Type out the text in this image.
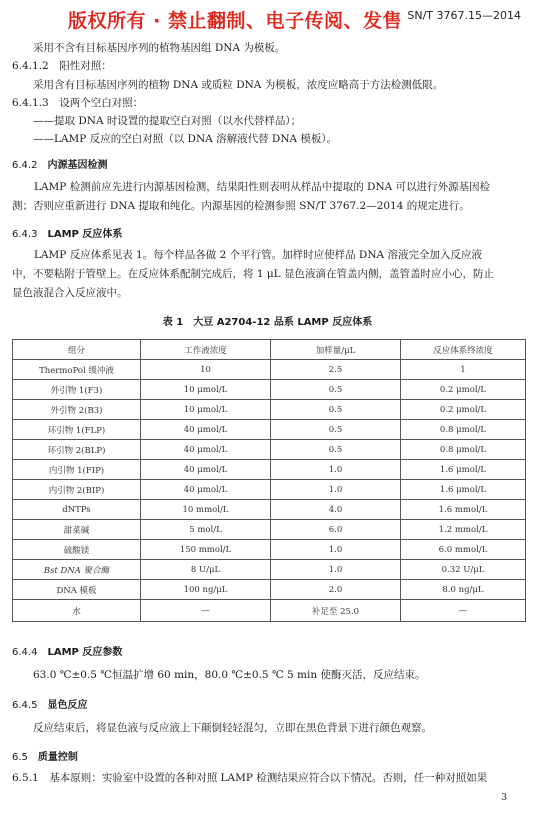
版权所有 · 禁止翻制、电子传阅、发售 SN/T 3767.15—2014
采用不含有目标基因序列的植物基因组 DNA 为模板。
6.4.1.2　阳性对照：
采用含有目标基因序列的植物 DNA 或质粒 DNA 为模板，浓度应略高于方法检测低限。
6.4.1.3　设两个空白对照：
——提取 DNA 时设置的提取空白对照（以水代替样品）；
——LAMP 反应的空白对照（以 DNA 溶解液代替 DNA 模板）。
6.4.2 内源基因检测
LAMP 检测前应先进行内源基因检测，结果阳性则表明从样品中提取的 DNA 可以进行外源基因检测；否则应重新进行 DNA 提取和纯化。内源基因的检测参照 SN/T 3767.2—2014 的规定进行。
6.4.3 LAMP 反应体系
LAMP 反应体系见表 1。每个样品各做 2 个平行管。加样时应使样品 DNA 溶液完全加入反应液中，不要粘附于管壁上。在反应体系配制完成后，将 1 μL 显色液滴在管盖内侧，盖管盖时应小心，防止显色液混合入反应液中。
表 1　大豆 A2704-12 品系 LAMP 反应体系
组分	工作液浓度	加样量/μL	反应体系终浓度
ThermoPol 缓冲液	10	2.5	1
外引物 1(F3)	10 μmol/L	0.5	0.2 μmol/L
外引物 2(B3)	10 μmol/L	0.5	0.2 μmol/L
环引物 1(FLP)	40 μmol/L	0.5	0.8 μmol/L
环引物 2(BLP)	40 μmol/L	0.5	0.8 μmol/L
内引物 1(FIP)	40 μmol/L	1.0	1.6 μmol/L
内引物 2(BIP)	40 μmol/L	1.0	1.6 μmol/L
dNTPs	10 mmol/L	4.0	1.6 mmol/L
甜菜碱	5 mol/L	6.0	1.2 mmol/L
硫酸镁	150 mmol/L	1.0	6.0 mmol/L
Bst DNA 聚合酶	8 U/μL	1.0	0.32 U/μL
DNA 模板	100 ng/μL	2.0	8.0 ng/μL
水	—	补足至 25.0	—
6.4.4 LAMP 反应参数
63.0 ℃±0.5 ℃恒温扩增 60 min，80.0 ℃±0.5 ℃ 5 min 使酶灭活，反应结束。
6.4.5 显色反应
反应结束后，将显色液与反应液上下颠倒轻轻混匀，立即在黑色背景下进行颜色观察。
6.5 质量控制
6.5.1　基本原则：实验室中设置的各种对照 LAMP 检测结果应符合以下情况。否则，任一种对照如果
3
